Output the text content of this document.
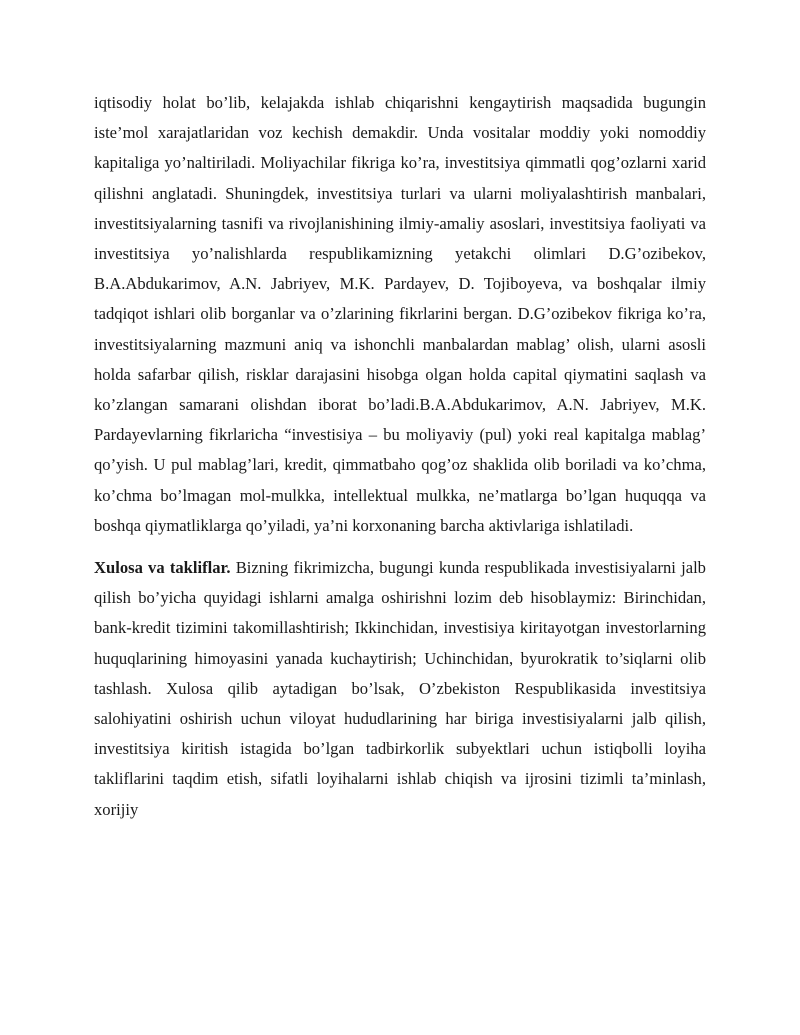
iqtisodiy holat bo’lib, kelajakda ishlab chiqarishni kengaytirish maqsadida bugungin iste’mol xarajatlaridan voz kechish demakdir. Unda vositalar moddiy yoki nomoddiy kapitaliga yo’naltiriladi. Moliyachilar fikriga ko’ra, investitsiya qimmatli qog’ozlarni xarid qilishni anglatadi. Shuningdek, investitsiya turlari va ularni moliyalashtirish manbalari, investitsiyalarning tasnifi va rivojlanishining ilmiy-amaliy asoslari, investitsiya faoliyati va investitsiya yo’nalishlarda respublikamizning yetakchi olimlari D.G’ozibekov, B.A.Abdukarimov, A.N. Jabriyev, M.K. Pardayev, D. Tojiboyeva, va boshqalar ilmiy tadqiqot ishlari olib borganlar va o’zlarining fikrlarini bergan. D.G’ozibekov fikriga ko’ra, investitsiyalarning mazmuni aniq va ishonchli manbalardan mablag’ olish, ularni asosli holda safarbar qilish, risklar darajasini hisobga olgan holda capital qiymatini saqlash va ko’zlangan samarani olishdan iborat bo’ladi.B.A.Abdukarimov, A.N. Jabriyev, M.K. Pardayevlarning fikrlaricha “investisiya – bu moliyaviy (pul) yoki real kapitalga mablag’ qo’yish. U pul mablag’lari, kredit, qimmatbaho qog’oz shaklida olib boriladi va ko’chma, ko’chma bo’lmagan mol-mulkka, intellektual mulkka, ne’matlarga bo’lgan huquqqa va boshqa qiymatliklarga qo’yiladi, ya’ni korxonaning barcha aktivlariga ishlatiladi.

Xulosa va takliflar. Bizning fikrimizcha, bugungi kunda respublikada investisiyalarni jalb qilish bo’yicha quyidagi ishlarni amalga oshirishni lozim deb hisoblaymiz: Birinchidan, bank-kredit tizimini takomillashtirish; Ikkinchidan, investisiya kiritayotgan investorlarning huquqlarining himoyasini yanada kuchaytirish; Uchinchidan, byurokratik to’siqlarni olib tashlash. Xulosa qilib aytadigan bo’lsak, O’zbekiston Respublikasida investitsiya salohiyatini oshirish uchun viloyat hududlarining har biriga investisiyalarni jalb qilish, investitsiya kiritish istagida bo’lgan tadbirkorlik subyektlari uchun istiqbolli loyiha takliflarini taqdim etish, sifatli loyihalarni ishlab chiqish va ijrosini tizimli ta’minlash, xorijiy
